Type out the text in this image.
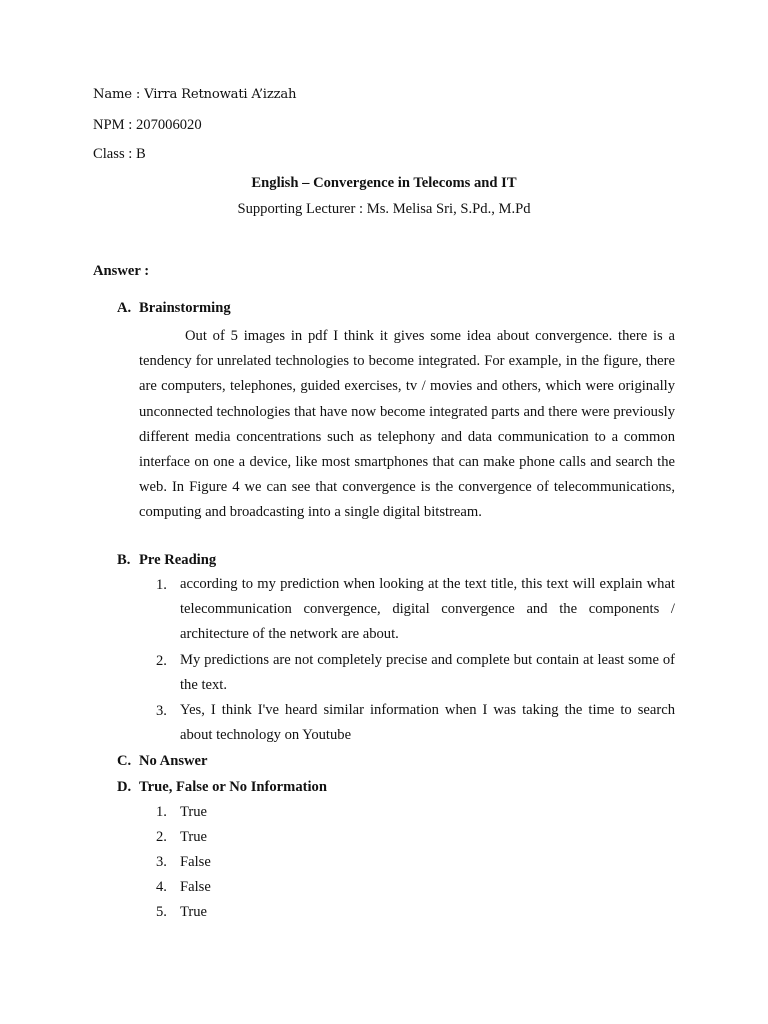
Name : Virra Retnowati A’izzah
NPM : 207006020
Class : B
English – Convergence in Telecoms and IT
Supporting Lecturer : Ms. Melisa Sri, S.Pd., M.Pd
Answer :
A. Brainstorming
Out of 5 images in pdf I think it gives some idea about convergence. there is a tendency for unrelated technologies to become integrated. For example, in the figure, there are computers, telephones, guided exercises, tv / movies and others, which were originally unconnected technologies that have now become integrated parts and there were previously different media concentrations such as telephony and data communication to a common interface on one a device, like most smartphones that can make phone calls and search the web. In Figure 4 we can see that convergence is the convergence of telecommunications, computing and broadcasting into a single digital bitstream.
B. Pre Reading
1. according to my prediction when looking at the text title, this text will explain what telecommunication convergence, digital convergence and the components / architecture of the network are about.
2. My predictions are not completely precise and complete but contain at least some of the text.
3. Yes, I think I've heard similar information when I was taking the time to search about technology on Youtube
C. No Answer
D. True, False or No Information
1. True
2. True
3. False
4. False
5. True
